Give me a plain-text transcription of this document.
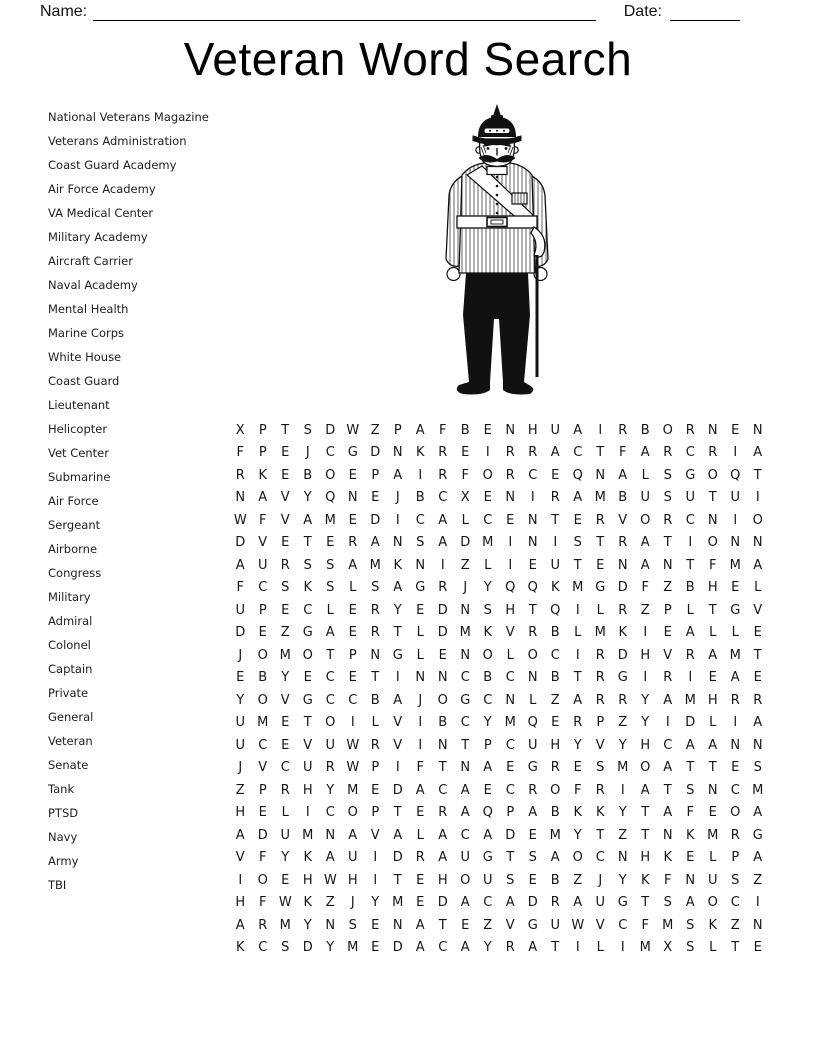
Name:	Date:
Veteran Word Search
National Veterans Magazine
Veterans Administration
Coast Guard Academy
Air Force Academy
VA Medical Center
Military Academy
Aircraft Carrier
Naval Academy
Mental Health
Marine Corps
White House
Coast Guard
Lieutenant
Helicopter
Vet Center
Submarine
Air Force
Sergeant
Airborne
Congress
Military
Admiral
Colonel
Captain
Private
General
Veteran
Senate
Tank
PTSD
Navy
Army
TBI
X	P	T	S	D W Z	P	A	F	B	E	N H U	A	I	R	B O R	N	E	N
F	P	E	J	C G D N	K	R	E	I	R	R	A	C	T	F	A	R	C	R	I	A
R	K	E	B O	E	P	A	I	R	F	O R	C	E	Q N	A	L	S	G O Q	T
N	A	V	Y	Q N	E	J	B	C	X	E	N	I	R	A M B	U	S	U	T	U	I
W F	V	A M E	D	I	C	A	L	C	E	N	T	E	R	V O R	C	N	I	O
D	V	E	T	E	R	A	N	S	A	D M	I	N	I	S	T	R	A	T	I	O N N
A	U	R	S	S	A M K	N	I	Z	L	I	E	U	T	E	N	A	N	T	F	M A
F	C	S	K	S	L	S	A	G R	J	Y	Q Q	K M G D	F	Z	B	H	E	L
U	P	E	C	L	E	R	Y	E	D N	S	H	T	Q	I	L	R	Z	P	L	T	G	V
D	E	Z	G	A	E	R	T	L	D M K	V	R	B	L	M K	I	E	A	L	L	E
J	O M O	T	P	N G	L	E	N O	L	O C	I	R D H	V	R	A M T
E	B	Y	E	C	E	T	I	N N	C	B	C	N	B	T	R G	I	R	I	E	A	E
Y	O V	G C	C	B	A	J	O G C	N	L	Z	A	R	R	Y	A M H	R	R
U M E	T	O	I	L	V	I	B	C	Y M Q	E	R	P	Z	Y	I	D	L	I	A
U	C	E	V	U W R	V	I	N	T	P	C	U H	Y	V	Y	H	C	A	A	N N
J	V	C	U	R W P	I	F	T	N	A	E	G R	E	S M O A	T	T	E	S
Z	P	R	H	Y M E	D	A	C	A	E	C	R O	F	R	I	A	T	S	N	C M
H	E	L	I	C O	P	T	E	R	A Q	P	A	B	K	K	Y	T	A	F	E	O A
A	D U M N	A	V	A	L	A	C	A	D	E M Y	T	Z	T	N	K M R G
V	F	Y	K	A	U	I	D R	A	U G	T	S	A O C	N H	K	E	L	P	A
I	O	E	H W H	I	T	E	H O U	S	E	B	Z	J	Y	K	F	N U	S	Z
H	F W K	Z	J	Y M E	D	A	C	A	D R	A	U G	T	S	A O C	I
A	R M Y	N	S	E	N	A	T	E	Z	V	G U W V	C	F	M S	K	Z	N
K	C	S	D	Y M E	D	A	C	A	Y	R	A	T	I	L	I	M X	S	L	T	E
